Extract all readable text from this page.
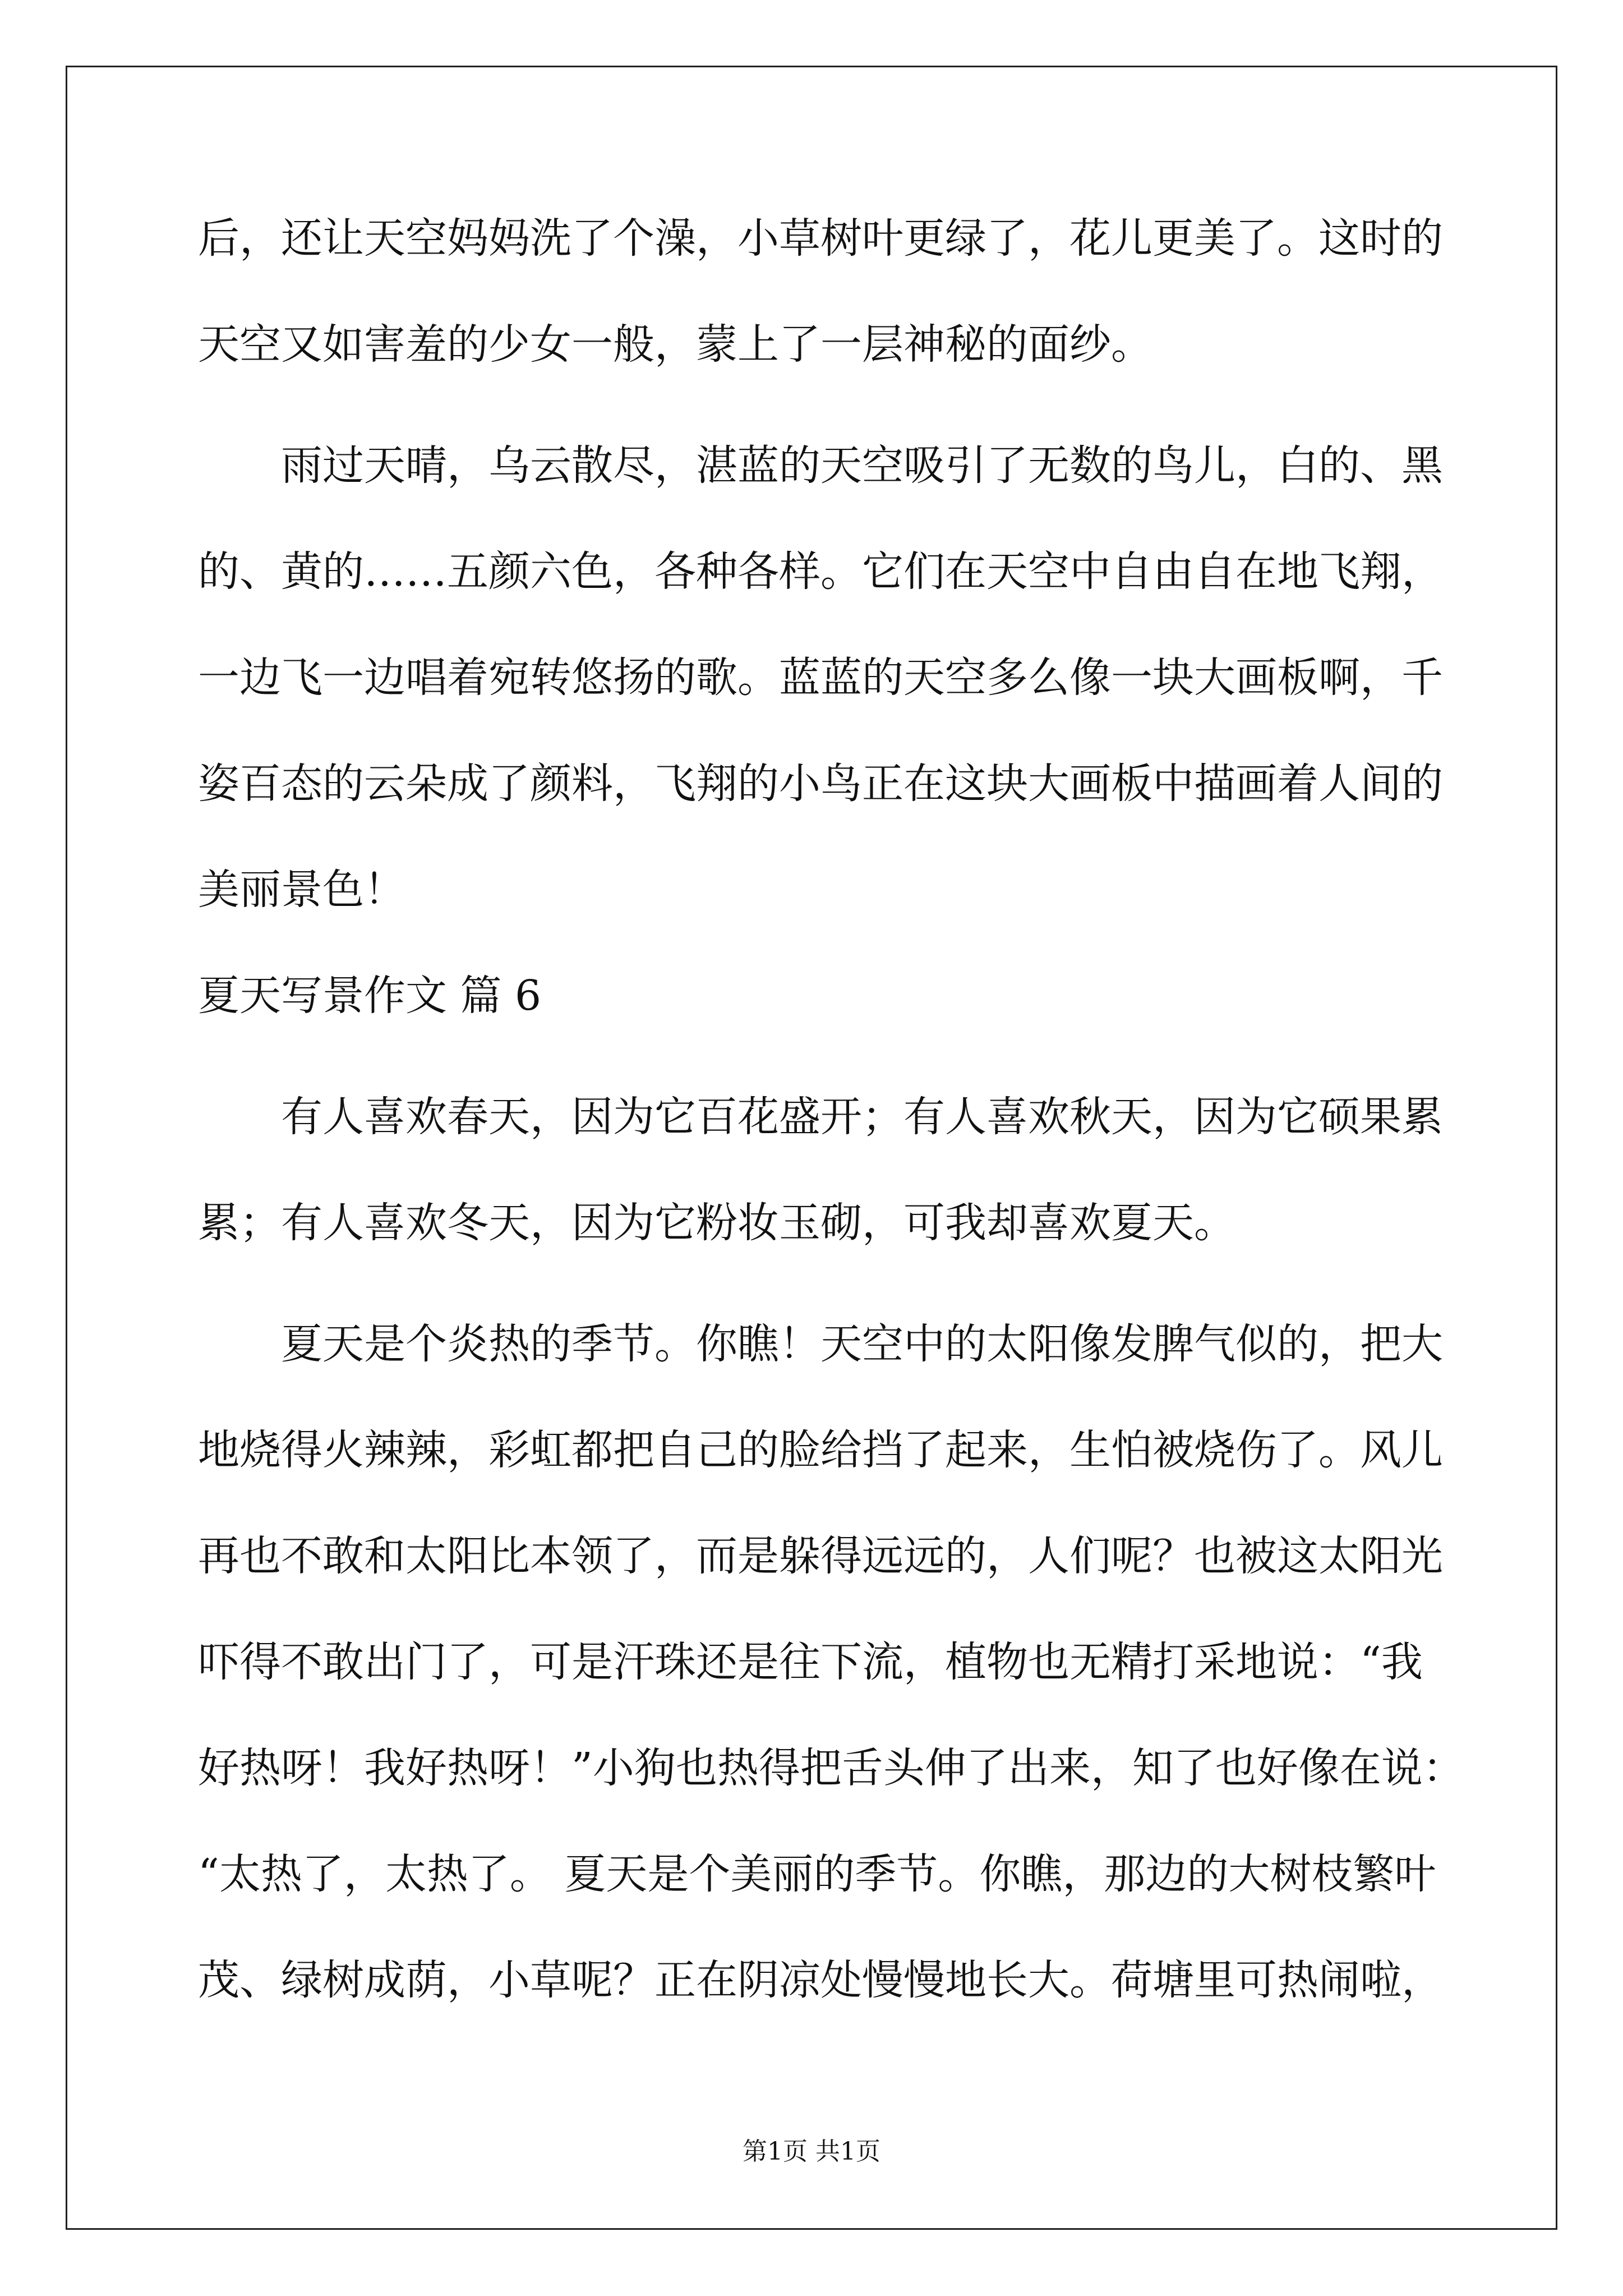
后，还让天空妈妈洗了个澡，小草树叶更绿了，花儿更美了。这时的
天空又如害羞的少女一般，蒙上了一层神秘的面纱。
雨过天晴，乌云散尽，湛蓝的天空吸引了无数的鸟儿，白的、黑
的、黄的……五颜六色，各种各样。它们在天空中自由自在地飞翔，
一边飞一边唱着宛转悠扬的歌。蓝蓝的天空多么像一块大画板啊，千
姿百态的云朵成了颜料，飞翔的小鸟正在这块大画板中描画着人间的
美丽景色！
夏天写景作文 篇 6
有人喜欢春天，因为它百花盛开；有人喜欢秋天，因为它硕果累
累；有人喜欢冬天，因为它粉妆玉砌，可我却喜欢夏天。
夏天是个炎热的季节。你瞧！天空中的太阳像发脾气似的，把大
地烧得火辣辣，彩虹都把自己的脸给挡了起来，生怕被烧伤了。风儿
再也不敢和太阳比本领了，而是躲得远远的，人们呢？也被这太阳光
吓得不敢出门了，可是汗珠还是往下流，植物也无精打采地说：“我
好热呀！我好热呀！”小狗也热得把舌头伸了出来，知了也好像在说：
“太热了，太热了。 夏天是个美丽的季节。你瞧，那边的大树枝繁叶
茂、绿树成荫，小草呢？正在阴凉处慢慢地长大。荷塘里可热闹啦，
第1页 共1页
